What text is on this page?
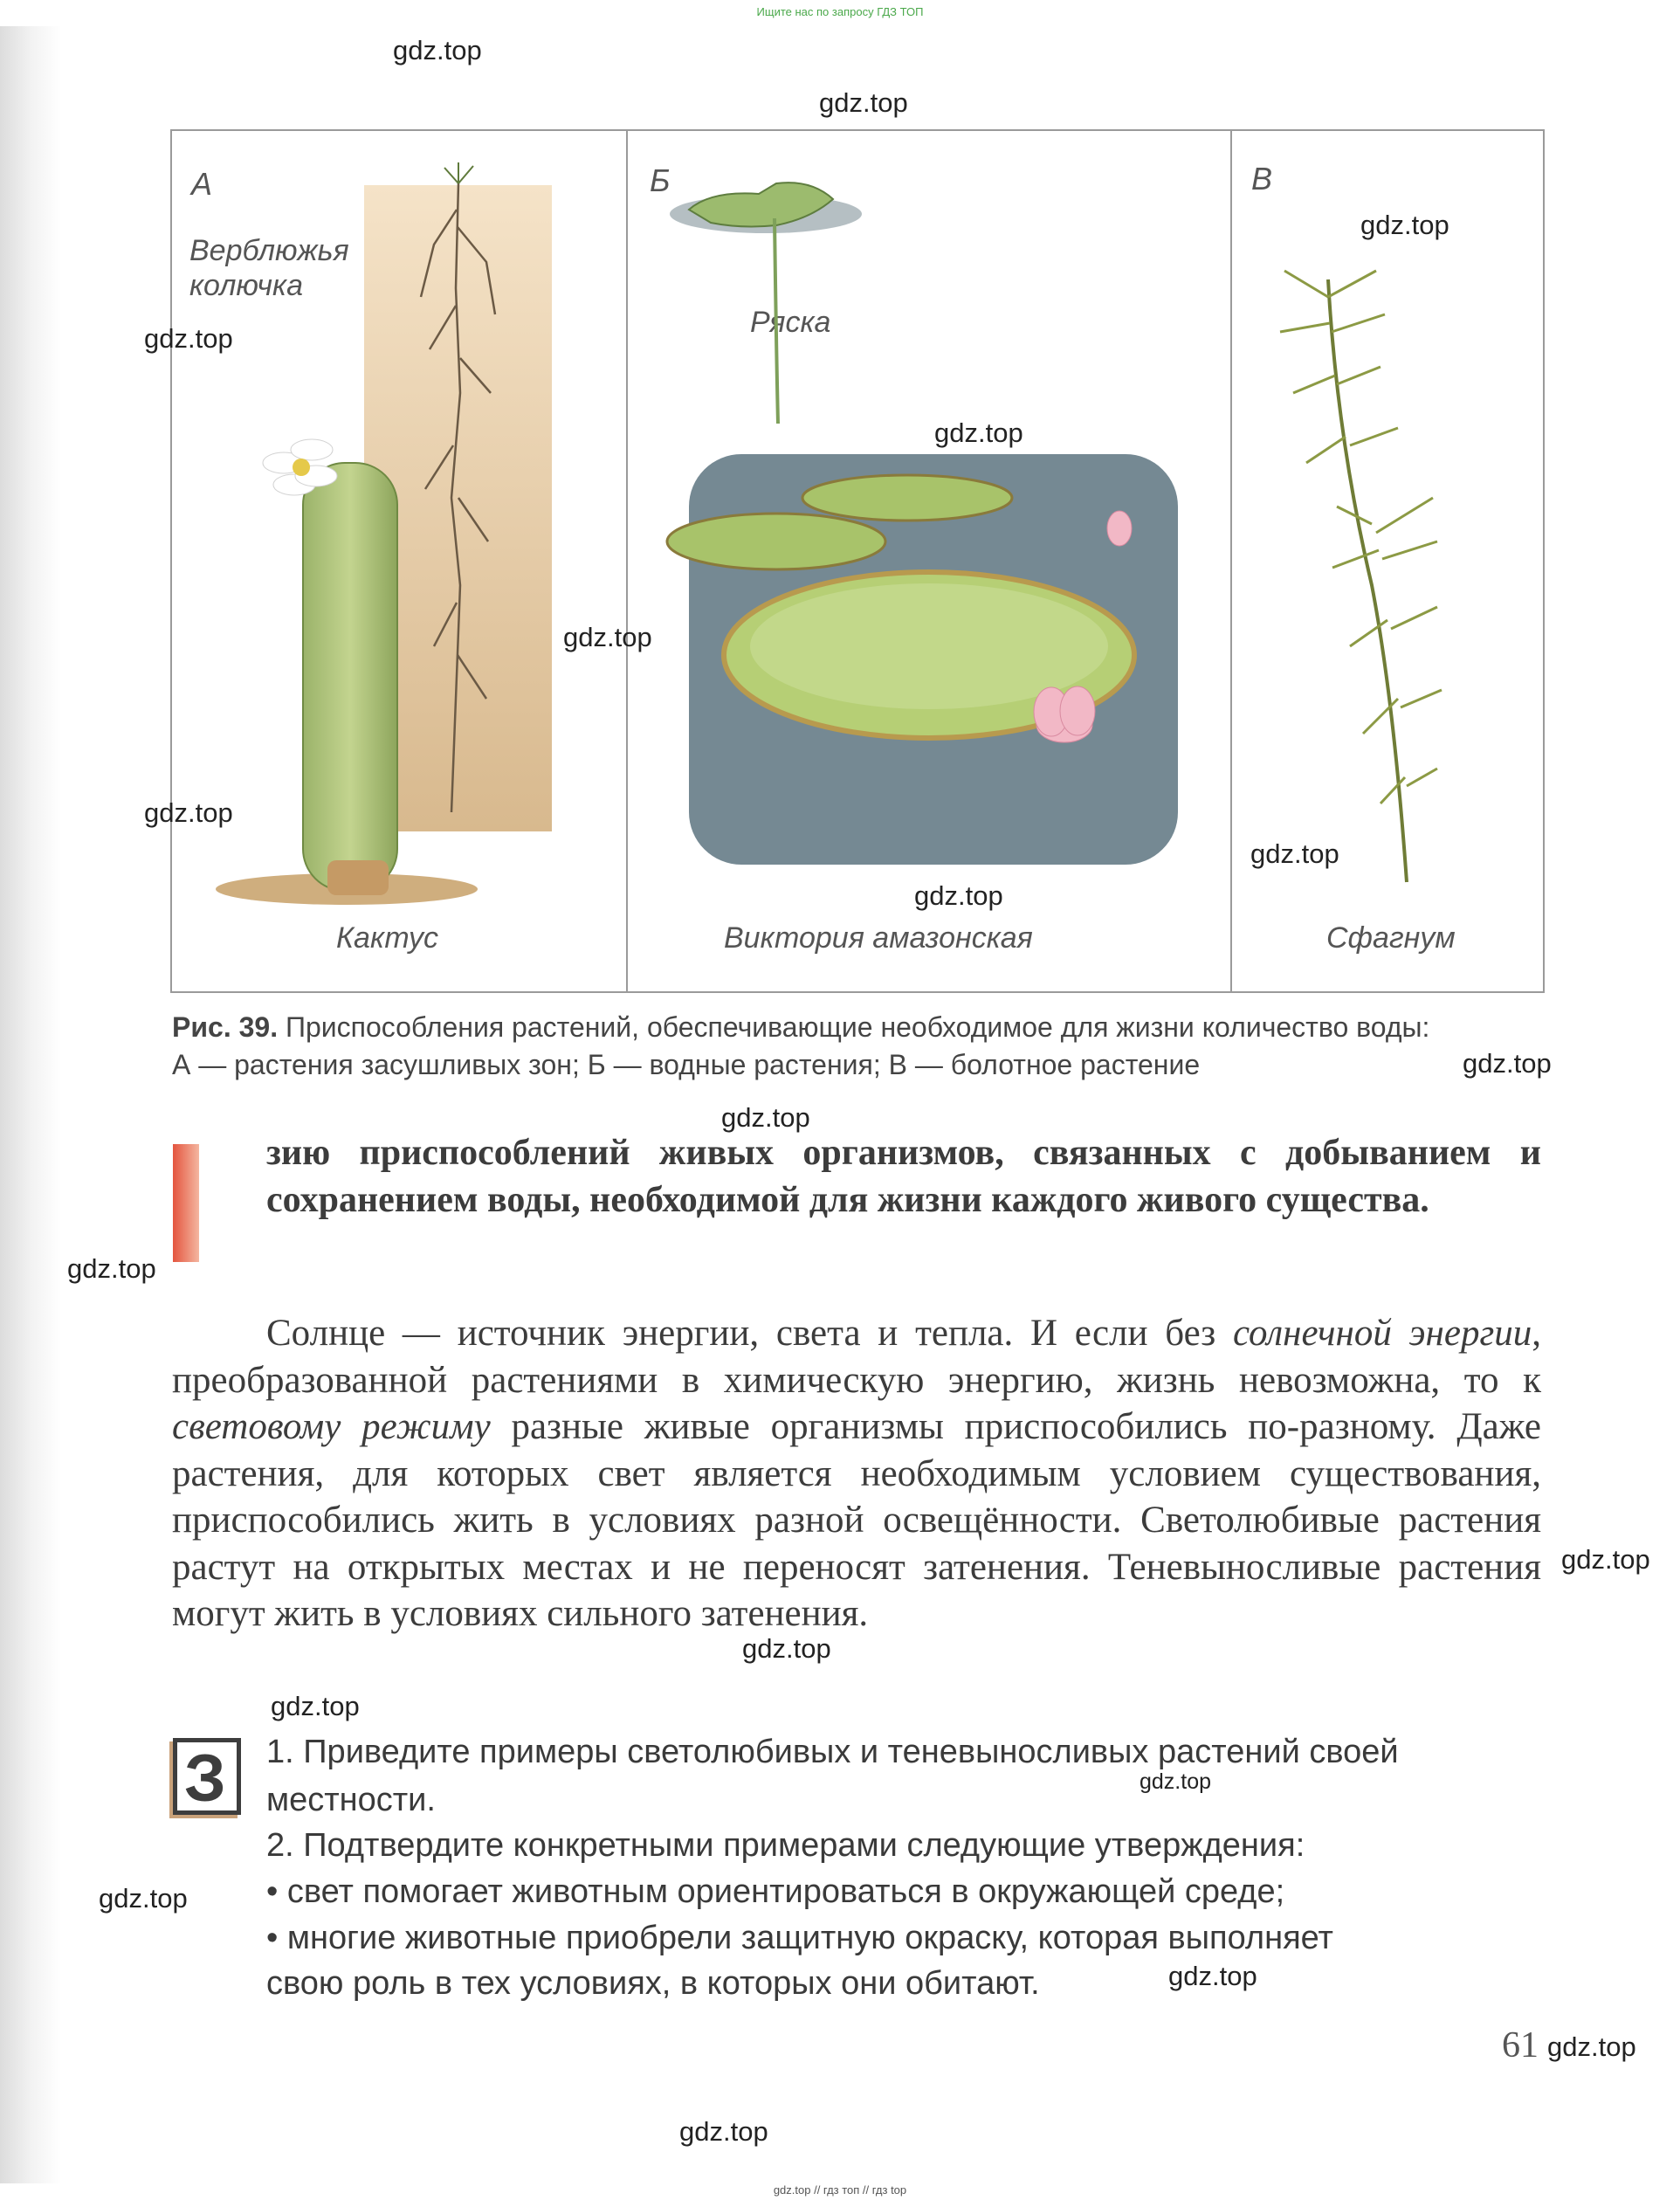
Ищите нас по запросу ГДЗ ТОП
А
Верблюжья
колючка
Кактус
Б
Ряска
Виктория амазонская
В
Сфагнум
Рис. 39. Приспособления растений, обеспечивающие необходимое для жизни количество воды:
А — растения засушливых зон; Б — водные растения; В — болотное растение
зию приспособлений живых организмов, связанных с добыванием и сохранением воды, необходимой для жизни каждого живого существа.
Солнце — источник энергии, света и тепла. И если без солнечной энергии, преобразованной растениями в химическую энергию, жизнь невозможна, то к световому режиму разные живые организмы приспособились по-разному. Даже растения, для которых свет является необходимым условием существования, приспособились жить в условиях разной освещённости. Светолюбивые растения растут на открытых местах и не переносят затенения. Теневыносливые растения могут жить в условиях сильного затенения.
З 1. Приведите примеры светолюбивых и теневыносливых растений своей
местности.
2. Подтвердите конкретными примерами следующие утверждения:
• свет помогает животным ориентироваться в окружающей среде;
• многие животные приобрели защитную окраску, которая выполняет
свою роль в тех условиях, в которых они обитают.
61
gdz.top
gdz.top
gdz.top
gdz.top
gdz.top
gdz.top
gdz.top
gdz.top
gdz.top
gdz.top
gdz.top
gdz.top
gdz.top
gdz.top
gdz.top
gdz.top
gdz.top
gdz.top
gdz.top
gdz.top
gdz.top // гдз топ // гдз top
